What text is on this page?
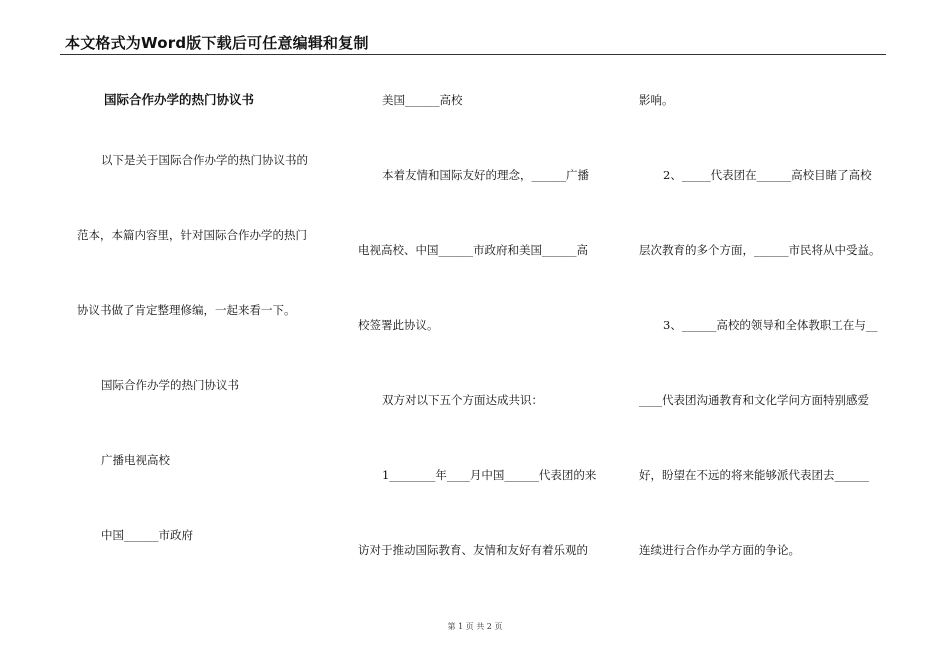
本文格式为Word版下载后可任意编辑和复制
国际合作办学的热门协议书
以下是关于国际合作办学的热门协议书的
范本，本篇内容里，针对国际合作办学的热门
协议书做了肯定整理修编，一起来看一下。
国际合作办学的热门协议书
广播电视高校
中国______市政府
美国______高校
本着友情和国际友好的理念，______广播
电视高校、中国______市政府和美国______高
校签署此协议。
双方对以下五个方面达成共识：
1________年____月中国______代表团的来
访对于推动国际教育、友情和友好有着乐观的
影响。
2、_____代表团在______高校目睹了高校
层次教育的多个方面，______市民将从中受益。
3、______高校的领导和全体教职工在与__
____代表团沟通教育和文化学问方面特别感爱
好，盼望在不远的将来能够派代表团去______
连续进行合作办学方面的争论。
第 1 页 共 2 页
